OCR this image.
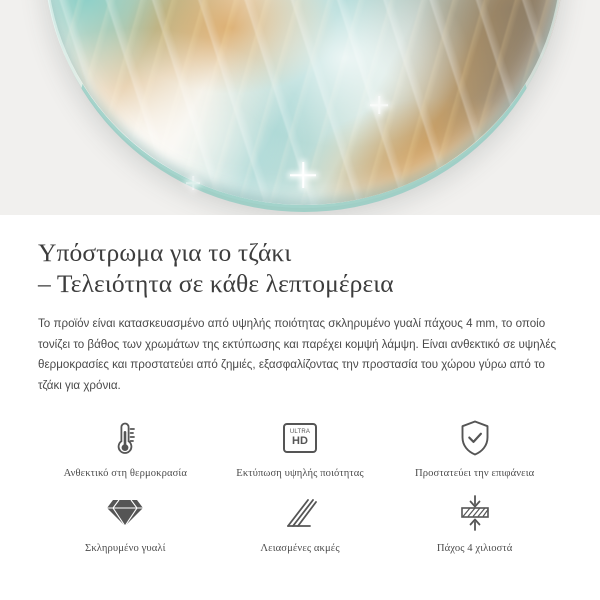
Υπόστρωμα για το τζάκι
– Τελειότητα σε κάθε λεπτομέρεια

Το προϊόν είναι κατασκευασμένο από υψηλής ποιότητας σκληρυμένο γυαλί πάχους 4 mm, το οποίο τονίζει το βάθος των χρωμάτων της εκτύπωσης και παρέχει κομψή λάμψη. Είναι ανθεκτικό σε υψηλές θερμοκρασίες και προστατεύει από ζημιές, εξασφαλίζοντας την προστασία του χώρου γύρω από το τζάκι για χρόνια.

Ανθεκτικό στη θερμοκρασία
ULTRA
HD
Εκτύπωση υψηλής ποιότητας	Προστατεύει την επιφάνεια
Σκληρυμένο γυαλί	Λειασμένες ακμές	Πάχος 4 χιλιοστά
